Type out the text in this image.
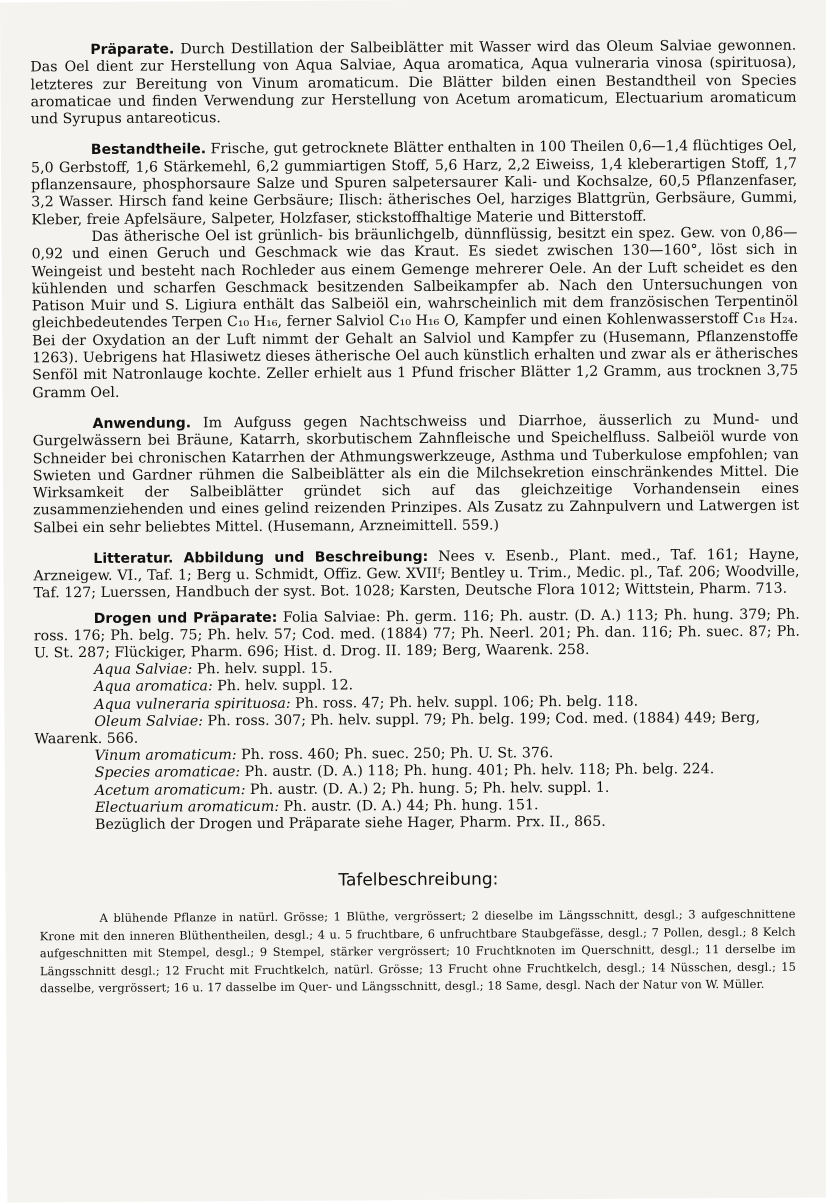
Präparate. Durch Destillation der Salbeiblätter mit Wasser wird das Oleum Salviae gewonnen. Das Oel dient zur Herstellung von Aqua Salviae, Aqua aromatica, Aqua vulneraria vinosa (spirituosa), letzteres zur Bereitung von Vinum aromaticum. Die Blätter bilden einen Bestandtheil von Species aromaticae und finden Verwendung zur Herstellung von Acetum aromaticum, Electuarium aromaticum und Syrupus antareoticus.

Bestandtheile. Frische, gut getrocknete Blätter enthalten in 100 Theilen 0,6—1,4 flüchtiges Oel, 5,0 Gerbstoff, 1,6 Stärkemehl, 6,2 gummiartigen Stoff, 5,6 Harz, 2,2 Eiweiss, 1,4 kleberartigen Stoff, 1,7 pflanzensaure, phosphorsaure Salze und Spuren salpetersaurer Kali- und Kochsalze, 60,5 Pflanzenfaser, 3,2 Wasser. Hirsch fand keine Gerbsäure; Ilisch: ätherisches Oel, harziges Blattgrün, Gerbsäure, Gummi, Kleber, freie Apfelsäure, Salpeter, Holzfaser, stickstoffhaltige Materie und Bitterstoff.

Das ätherische Oel ist grünlich- bis bräunlichgelb, dünnflüssig, besitzt ein spez. Gew. von 0,86—0,92 und einen Geruch und Geschmack wie das Kraut. Es siedet zwischen 130—160°, löst sich in Weingeist und besteht nach Rochleder aus einem Gemenge mehrerer Oele. An der Luft scheidet es den kühlenden und scharfen Geschmack besitzenden Salbeikampfer ab. Nach den Untersuchungen von Patison Muir und S. Ligiura enthält das Salbeiöl ein, wahrscheinlich mit dem französischen Terpentinöl gleichbedeutendes Terpen C₁₀ H₁₆, ferner Salviol C₁₀ H₁₆ O, Kampfer und einen Kohlenwasserstoff C₁₈ H₂₄. Bei der Oxydation an der Luft nimmt der Gehalt an Salviol und Kampfer zu (Husemann, Pflanzenstoffe 1263). Uebrigens hat Hlasiwetz dieses ätherische Oel auch künstlich erhalten und zwar als er ätherisches Senföl mit Natronlauge kochte. Zeller erhielt aus 1 Pfund frischer Blätter 1,2 Gramm, aus trocknen 3,75 Gramm Oel.

Anwendung. Im Aufguss gegen Nachtschweiss und Diarrhoe, äusserlich zu Mund- und Gurgelwässern bei Bräune, Katarrh, skorbutischem Zahnfleische und Speichelfluss. Salbeiöl wurde von Schneider bei chronischen Katarrhen der Athmungswerkzeuge, Asthma und Tuberkulose empfohlen; van Swieten und Gardner rühmen die Salbeiblätter als ein die Milchsekretion einschränkendes Mittel. Die Wirksamkeit der Salbeiblätter gründet sich auf das gleichzeitige Vorhandensein eines zusammenziehenden und eines gelind reizenden Prinzipes. Als Zusatz zu Zahnpulvern und Latwergen ist Salbei ein sehr beliebtes Mittel. (Husemann, Arzneimittell. 559.)

Litteratur. Abbildung und Beschreibung: Nees v. Esenb., Plant. med., Taf. 161; Hayne, Arzneigew. VI., Taf. 1; Berg u. Schmidt, Offiz. Gew. XVIIᶠ; Bentley u. Trim., Medic. pl., Taf. 206; Woodville, Taf. 127; Luerssen, Handbuch der syst. Bot. 1028; Karsten, Deutsche Flora 1012; Wittstein, Pharm. 713.

Drogen und Präparate: Folia Salviae: Ph. germ. 116; Ph. austr. (D. A.) 113; Ph. hung. 379; Ph. ross. 176; Ph. belg. 75; Ph. helv. 57; Cod. med. (1884) 77; Ph. Neerl. 201; Ph. dan. 116; Ph. suec. 87; Ph. U. St. 287; Flückiger, Pharm. 696; Hist. d. Drog. II. 189; Berg, Waarenk. 258.

Aqua Salviae: Ph. helv. suppl. 15.

Aqua aromatica: Ph. helv. suppl. 12.

Aqua vulneraria spirituosa: Ph. ross. 47; Ph. helv. suppl. 106; Ph. belg. 118.

Oleum Salviae: Ph. ross. 307; Ph. helv. suppl. 79; Ph. belg. 199; Cod. med. (1884) 449; Berg, Waarenk. 566.

Vinum aromaticum: Ph. ross. 460; Ph. suec. 250; Ph. U. St. 376.

Species aromaticae: Ph. austr. (D. A.) 118; Ph. hung. 401; Ph. helv. 118; Ph. belg. 224.

Acetum aromaticum: Ph. austr. (D. A.) 2; Ph. hung. 5; Ph. helv. suppl. 1.

Electuarium aromaticum: Ph. austr. (D. A.) 44; Ph. hung. 151.

Bezüglich der Drogen und Präparate siehe Hager, Pharm. Prx. II., 865.

Tafelbeschreibung:

A blühende Pflanze in natürl. Grösse; 1 Blüthe, vergrössert; 2 dieselbe im Längsschnitt, desgl.; 3 aufgeschnittene Krone mit den inneren Blüthentheilen, desgl.; 4 u. 5 fruchtbare, 6 unfruchtbare Staubgefässe, desgl.; 7 Pollen, desgl.; 8 Kelch aufgeschnitten mit Stempel, desgl.; 9 Stempel, stärker vergrössert; 10 Fruchtknoten im Querschnitt, desgl.; 11 derselbe im Längsschnitt desgl.; 12 Frucht mit Fruchtkelch, natürl. Grösse; 13 Frucht ohne Fruchtkelch, desgl.; 14 Nüsschen, desgl.; 15 dasselbe, vergrössert; 16 u. 17 dasselbe im Quer- und Längsschnitt, desgl.; 18 Same, desgl. Nach der Natur von W. Müller.
